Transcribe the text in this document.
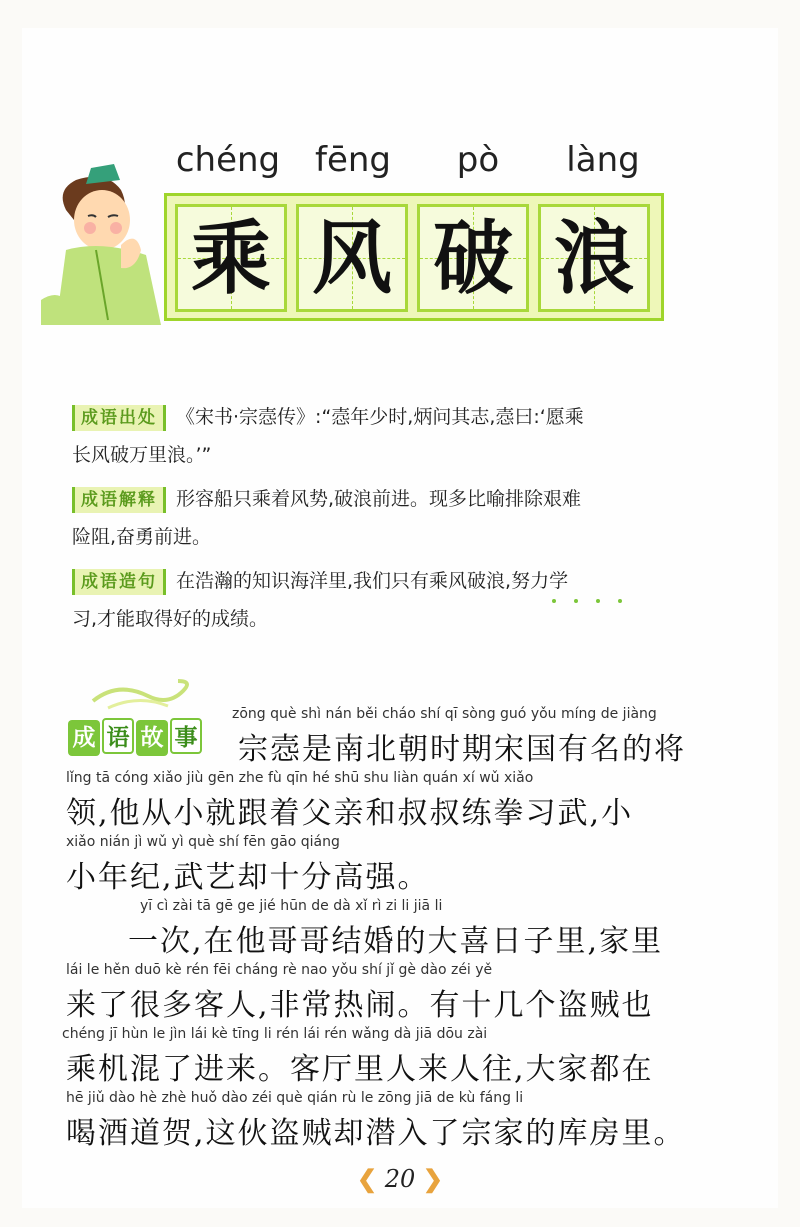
chéng	fēng	pò	làng
乘 风 破 浪
成语出处 《宋书·宗悫传》:“悫年少时,炳问其志,悫曰:‘愿乘
长风破万里浪。’”
成语解释 形容船只乘着风势,破浪前进。现多比喻排除艰难
险阻,奋勇前进。
成语造句 在浩瀚的知识海洋里,我们只有乘风破浪,努力学
习,才能取得好的成绩。
成 语 故 事
zōng què shì nán běi cháo shí qī sòng guó yǒu míng de jiàng
宗悫是南北朝时期宋国有名的将
lǐng tā cóng xiǎo jiù gēn zhe fù qīn hé shū shu liàn quán xí wǔ xiǎo
领,他从小就跟着父亲和叔叔练拳习武,小
xiǎo nián jì wǔ yì què shí fēn gāo qiáng
小年纪,武艺却十分高强。
yī cì zài tā gē ge jié hūn de dà xǐ rì zi li jiā li
一次,在他哥哥结婚的大喜日子里,家里
lái le hěn duō kè rén fēi cháng rè nao yǒu shí jǐ gè dào zéi yě
来了很多客人,非常热闹。有十几个盗贼也
chéng jī hùn le jìn lái kè tīng li rén lái rén wǎng dà jiā dōu zài
乘机混了进来。客厅里人来人往,大家都在
hē jiǔ dào hè zhè huǒ dào zéi què qián rù le zōng jiā de kù fáng li
喝酒道贺,这伙盗贼却潜入了宗家的库房里。
❮ 20 ❯
